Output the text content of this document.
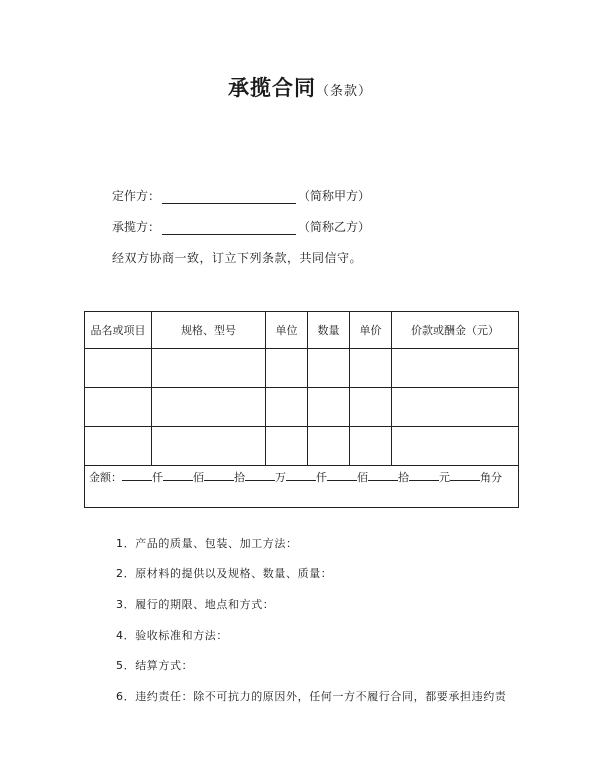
承揽合同（条款）
定作方：	（简称甲方）
承揽方：	（简称乙方）
经双方协商一致，订立下列条款，共同信守。
品名或项目	规格、型号	单位	数量	单价	价款或酬金（元）

金额： 仟 佰 拾 万 仟 佰 拾 元 角分					
1．产品的质量、包装、加工方法：
2．原材料的提供以及规格、数量、质量：
3．履行的期限、地点和方式：
4．验收标准和方法：
5．结算方式：
6．违约责任：除不可抗力的原因外，任何一方不履行合同，都要承担违约责
